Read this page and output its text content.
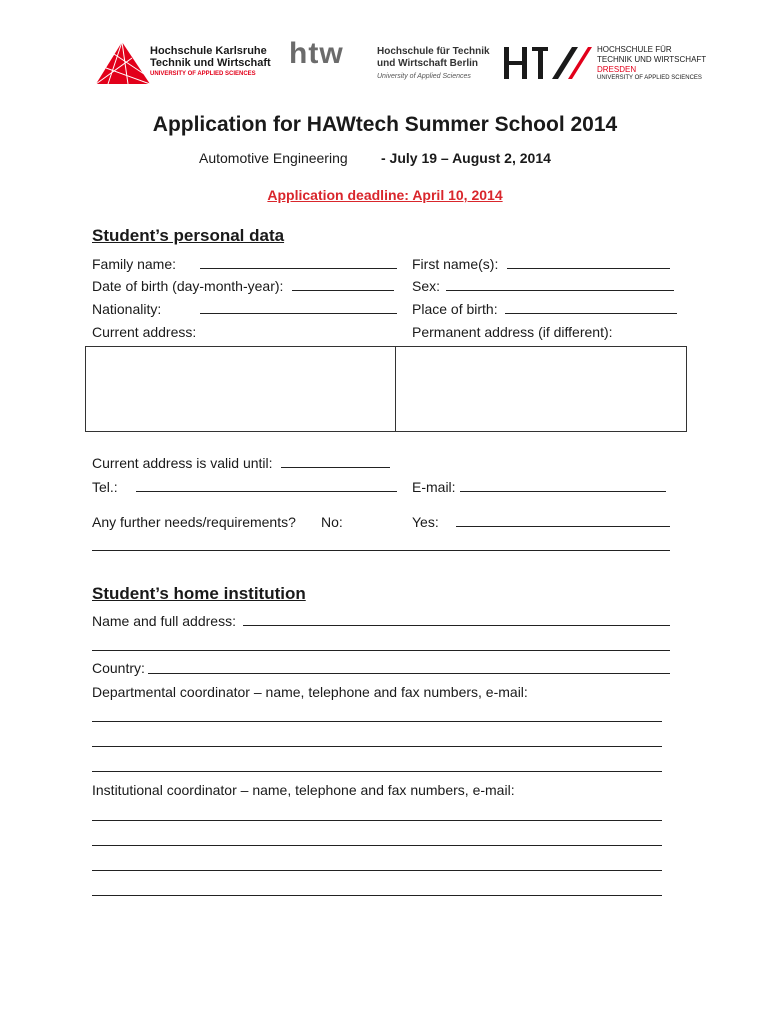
Hochschule Karlsruhe
Technik und Wirtschaft
UNIVERSITY OF APPLIED SCIENCES
htw	Hochschule für Technik
und Wirtschaft Berlin
University of Applied Sciences
HOCHSCHULE FÜR
TECHNIK UND WIRTSCHAFT
DRESDEN
UNIVERSITY OF APPLIED SCIENCES
Application for HAWtech Summer School 2014
Automotive Engineering - July 19 – August 2, 2014
Application deadline: April 10, 2014
Student’s personal data
Family name:	First name(s):
Date of birth (day-month-year):	Sex:
Nationality:	Place of birth:
Current address:	Permanent address (if different):
Current address is valid until:
Tel.:	E-mail:
Any further needs/requirements? No:	Yes:
Student’s home institution
Name and full address:
Country:
Departmental coordinator – name, telephone and fax numbers, e-mail:
Institutional coordinator – name, telephone and fax numbers, e-mail:
